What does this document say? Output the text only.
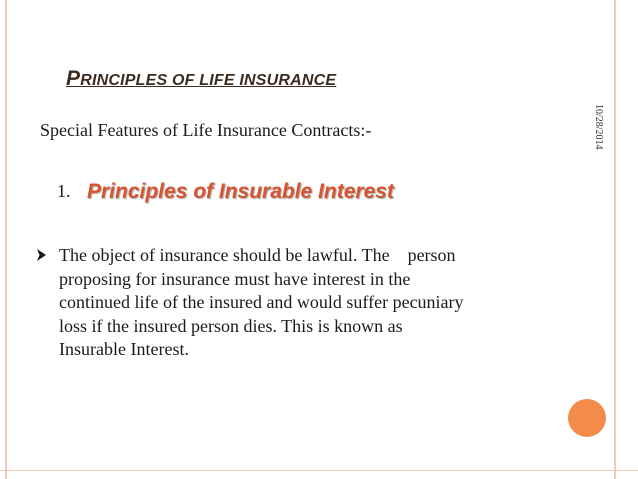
PRINCIPLES OF LIFE INSURANCE
10/28/2014
Special Features of Life Insurance Contracts:-
1. Principles of Insurable Interest
The object of insurance should be lawful. The    person
proposing for insurance must have interest in the
continued life of the insured and would suffer pecuniary
loss if the insured person dies. This is known as
Insurable Interest.
